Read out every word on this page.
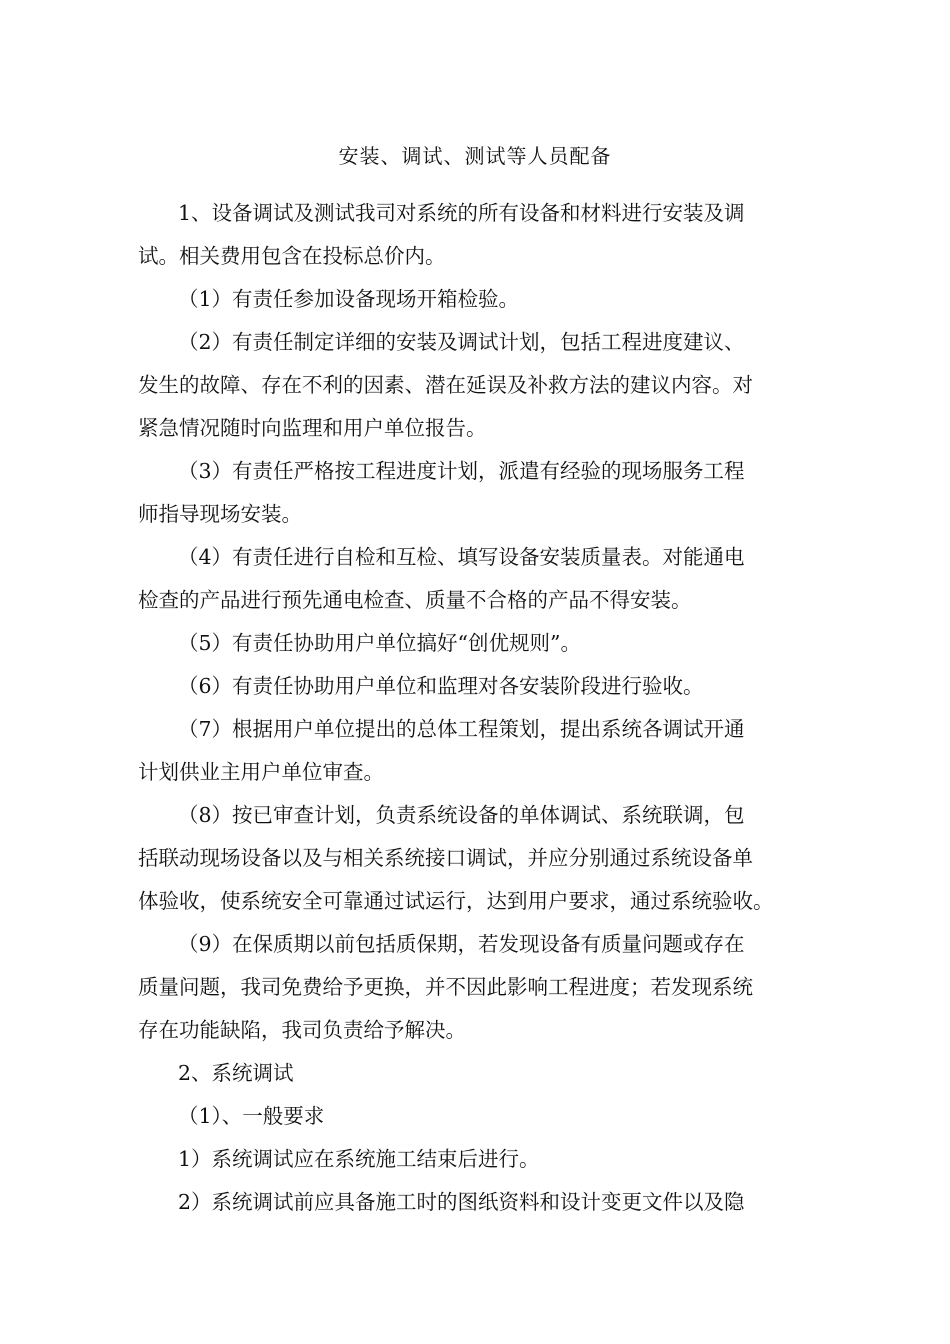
安装、调试、测试等人员配备
1、设备调试及测试我司对系统的所有设备和材料进行安装及调
试。相关费用包含在投标总价内。
（1）有责任参加设备现场开箱检验。
（2）有责任制定详细的安装及调试计划，包括工程进度建议、
发生的故障、存在不利的因素、潜在延误及补救方法的建议内容。对
紧急情况随时向监理和用户单位报告。
（3）有责任严格按工程进度计划，派遣有经验的现场服务工程
师指导现场安装。
（4）有责任进行自检和互检、填写设备安装质量表。对能通电
检查的产品进行预先通电检查、质量不合格的产品不得安装。
（5）有责任协助用户单位搞好“创优规则”。
（6）有责任协助用户单位和监理对各安装阶段进行验收。
（7）根据用户单位提出的总体工程策划，提出系统各调试开通
计划供业主用户单位审查。
（8）按已审查计划，负责系统设备的单体调试、系统联调，包
括联动现场设备以及与相关系统接口调试，并应分别通过系统设备单
体验收，使系统安全可靠通过试运行，达到用户要求，通过系统验收。
（9）在保质期以前包括质保期，若发现设备有质量问题或存在
质量问题，我司免费给予更换，并不因此影响工程进度；若发现系统
存在功能缺陷，我司负责给予解决。
2、系统调试
（1）、一般要求
1）系统调试应在系统施工结束后进行。
2）系统调试前应具备施工时的图纸资料和设计变更文件以及隐
